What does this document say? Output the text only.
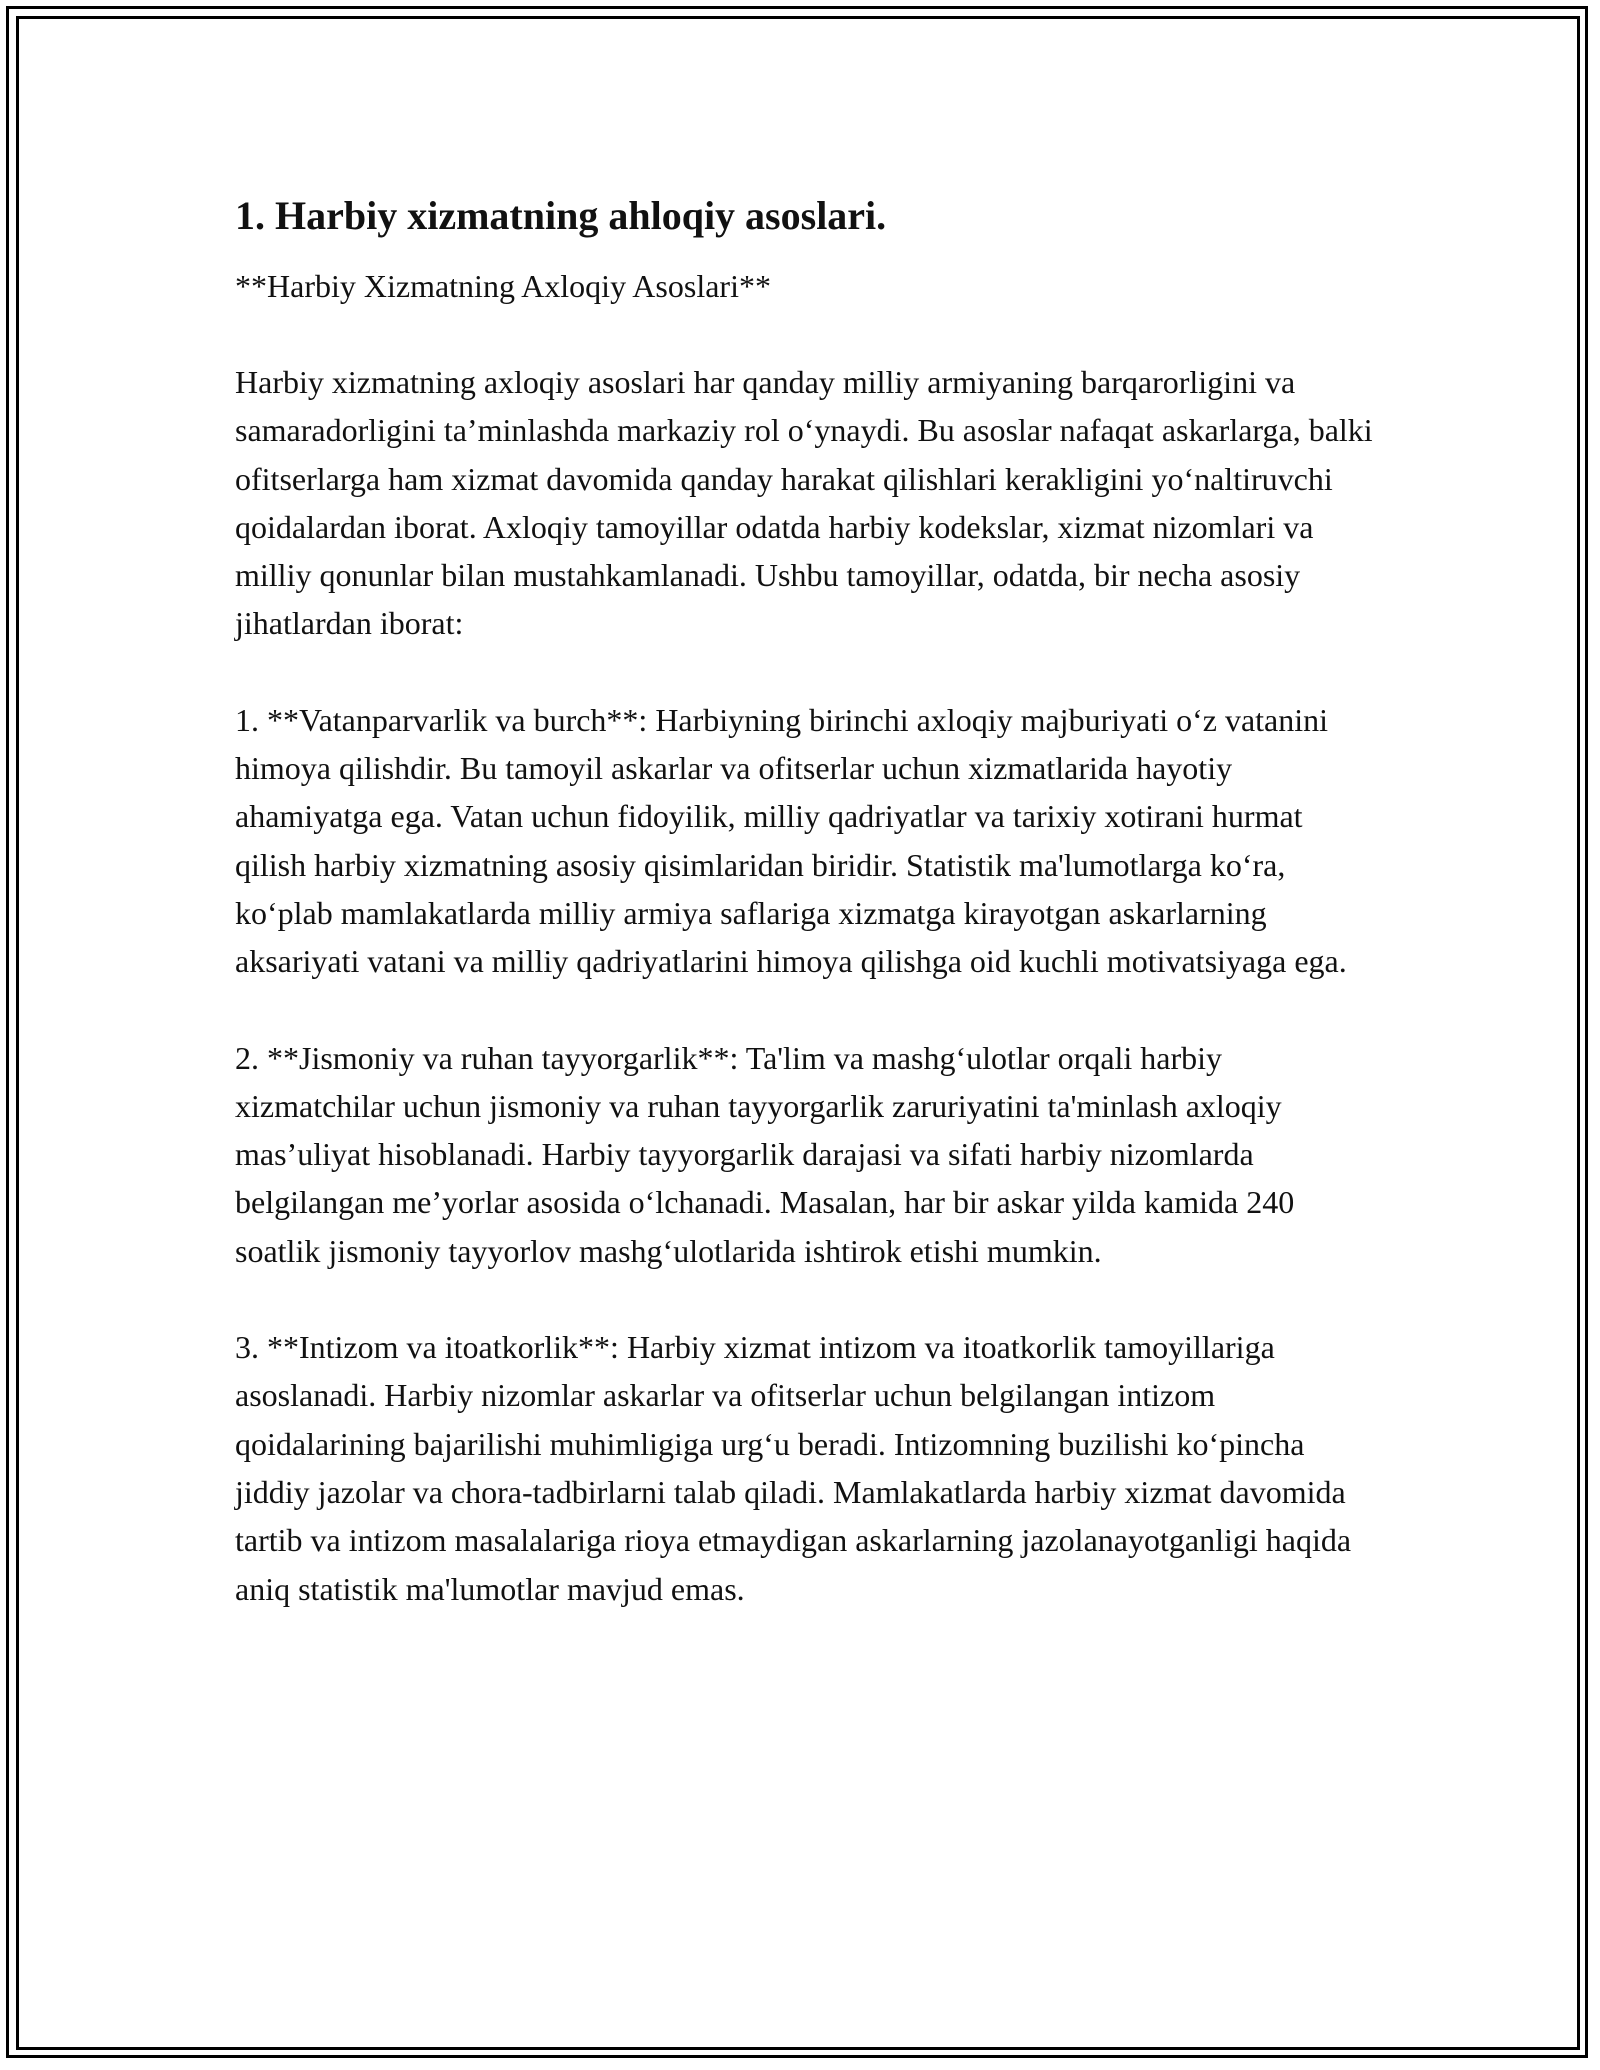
1. Harbiy xizmatning ahloqiy asoslari.
**Harbiy Xizmatning Axloqiy Asoslari**

Harbiy xizmatning axloqiy asoslari har qanday milliy armiyaning barqarorligini va samaradorligini ta’minlashda markaziy rol o‘ynaydi. Bu asoslar nafaqat askarlarga, balki ofitserlarga ham xizmat davomida qanday harakat qilishlari kerakligini yo‘naltiruvchi qoidalardan iborat. Axloqiy tamoyillar odatda harbiy kodekslar, xizmat nizomlari va milliy qonunlar bilan mustahkamlanadi. Ushbu tamoyillar, odatda, bir necha asosiy jihatlardan iborat:

1. **Vatanparvarlik va burch**: Harbiyning birinchi axloqiy majburiyati o‘z vatanini himoya qilishdir. Bu tamoyil askarlar va ofitserlar uchun xizmatlarida hayotiy ahamiyatga ega. Vatan uchun fidoyilik, milliy qadriyatlar va tarixiy xotirani hurmat qilish harbiy xizmatning asosiy qisimlaridan biridir. Statistik ma'lumotlarga ko‘ra, ko‘plab mamlakatlarda milliy armiya saflariga xizmatga kirayotgan askarlarning aksariyati vatani va milliy qadriyatlarini himoya qilishga oid kuchli motivatsiyaga ega.

2. **Jismoniy va ruhan tayyorgarlik**: Ta'lim va mashg‘ulotlar orqali harbiy xizmatchilar uchun jismoniy va ruhan tayyorgarlik zaruriyatini ta'minlash axloqiy mas’uliyat hisoblanadi. Harbiy tayyorgarlik darajasi va sifati harbiy nizomlarda belgilangan me’yorlar asosida o‘lchanadi. Masalan, har bir askar yilda kamida 240 soatlik jismoniy tayyorlov mashg‘ulotlarida ishtirok etishi mumkin.

3. **Intizom va itoatkorlik**: Harbiy xizmat intizom va itoatkorlik tamoyillariga asoslanadi. Harbiy nizomlar askarlar va ofitserlar uchun belgilangan intizom qoidalarining bajarilishi muhimligiga urg‘u beradi. Intizomning buzilishi ko‘pincha jiddiy jazolar va chora-tadbirlarni talab qiladi. Mamlakatlarda harbiy xizmat davomida tartib va intizom masalalariga rioya etmaydigan askarlarning jazolanayotganligi haqida aniq statistik ma'lumotlar mavjud emas.
